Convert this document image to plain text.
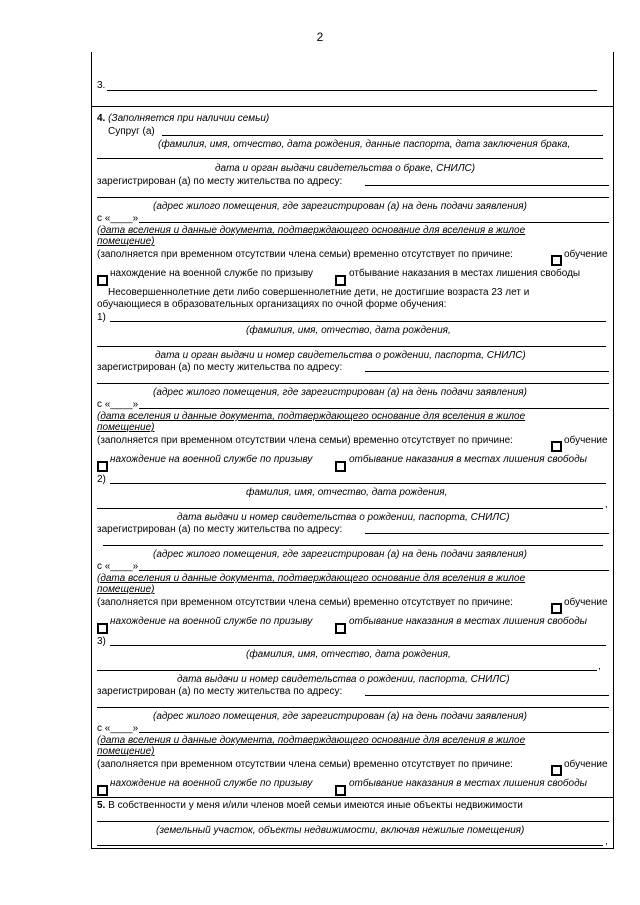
2
3.
4. (Заполняется при наличии семьи)
Супруг (а)
(фамилия, имя, отчество, дата рождения, данные паспорта, дата заключения брака,
дата и орган выдачи свидетельства о браке, СНИЛС)
зарегистрирован (а) по месту жительства по адресу:
(адрес жилого помещения, где зарегистрирован (а) на день подачи заявления)
с «____»
(дата вселения и данные документа, подтверждающего основание для вселения в жилое
помещение)
(заполняется при временном отсутствии члена семьи) временно отсутствует по причине:	обучение
нахождение на военной службе по призыву	отбывание наказания в местах лишения свободы
Несовершеннолетние дети либо совершеннолетние дети, не достигшие возраста 23 лет и
обучающиеся в образовательных организациях по очной форме обучения:
1)
(фамилия, имя, отчество, дата рождения,
дата и орган выдачи и номер свидетельства о рождении, паспорта, СНИЛС)
зарегистрирован (а) по месту жительства по адресу:
(адрес жилого помещения, где зарегистрирован (а) на день подачи заявления)
с «____»
(дата вселения и данные документа, подтверждающего основание для вселения в жилое
помещение)
(заполняется при временном отсутствии члена семьи) временно отсутствует по причине:	обучение
нахождение на военной службе по призыву	отбывание наказания в местах лишения свободы
2)
фамилия, имя, отчество, дата рождения,
,
дата выдачи и номер свидетельства о рождении, паспорта, СНИЛС)
зарегистрирован (а) по месту жительства по адресу:
(адрес жилого помещения, где зарегистрирован (а) на день подачи заявления)
с «____»
(дата вселения и данные документа, подтверждающего основание для вселения в жилое
помещение)
(заполняется при временном отсутствии члена семьи) временно отсутствует по причине:	обучение
нахождение на военной службе по призыву	отбывание наказания в местах лишения свободы
3)
(фамилия, имя, отчество, дата рождения,
,
дата выдачи и номер свидетельства о рождении, паспорта, СНИЛС)
зарегистрирован (а) по месту жительства по адресу:
(адрес жилого помещения, где зарегистрирован (а) на день подачи заявления)
с «____»
(дата вселения и данные документа, подтверждающего основание для вселения в жилое
помещение)
(заполняется при временном отсутствии члена семьи) временно отсутствует по причине:	обучение
нахождение на военной службе по призыву	отбывание наказания в местах лишения свободы
5. В собственности у меня и/или членов моей семьи имеются иные объекты недвижимости
(земельный участок, объекты недвижимости, включая нежилые помещения)
,
